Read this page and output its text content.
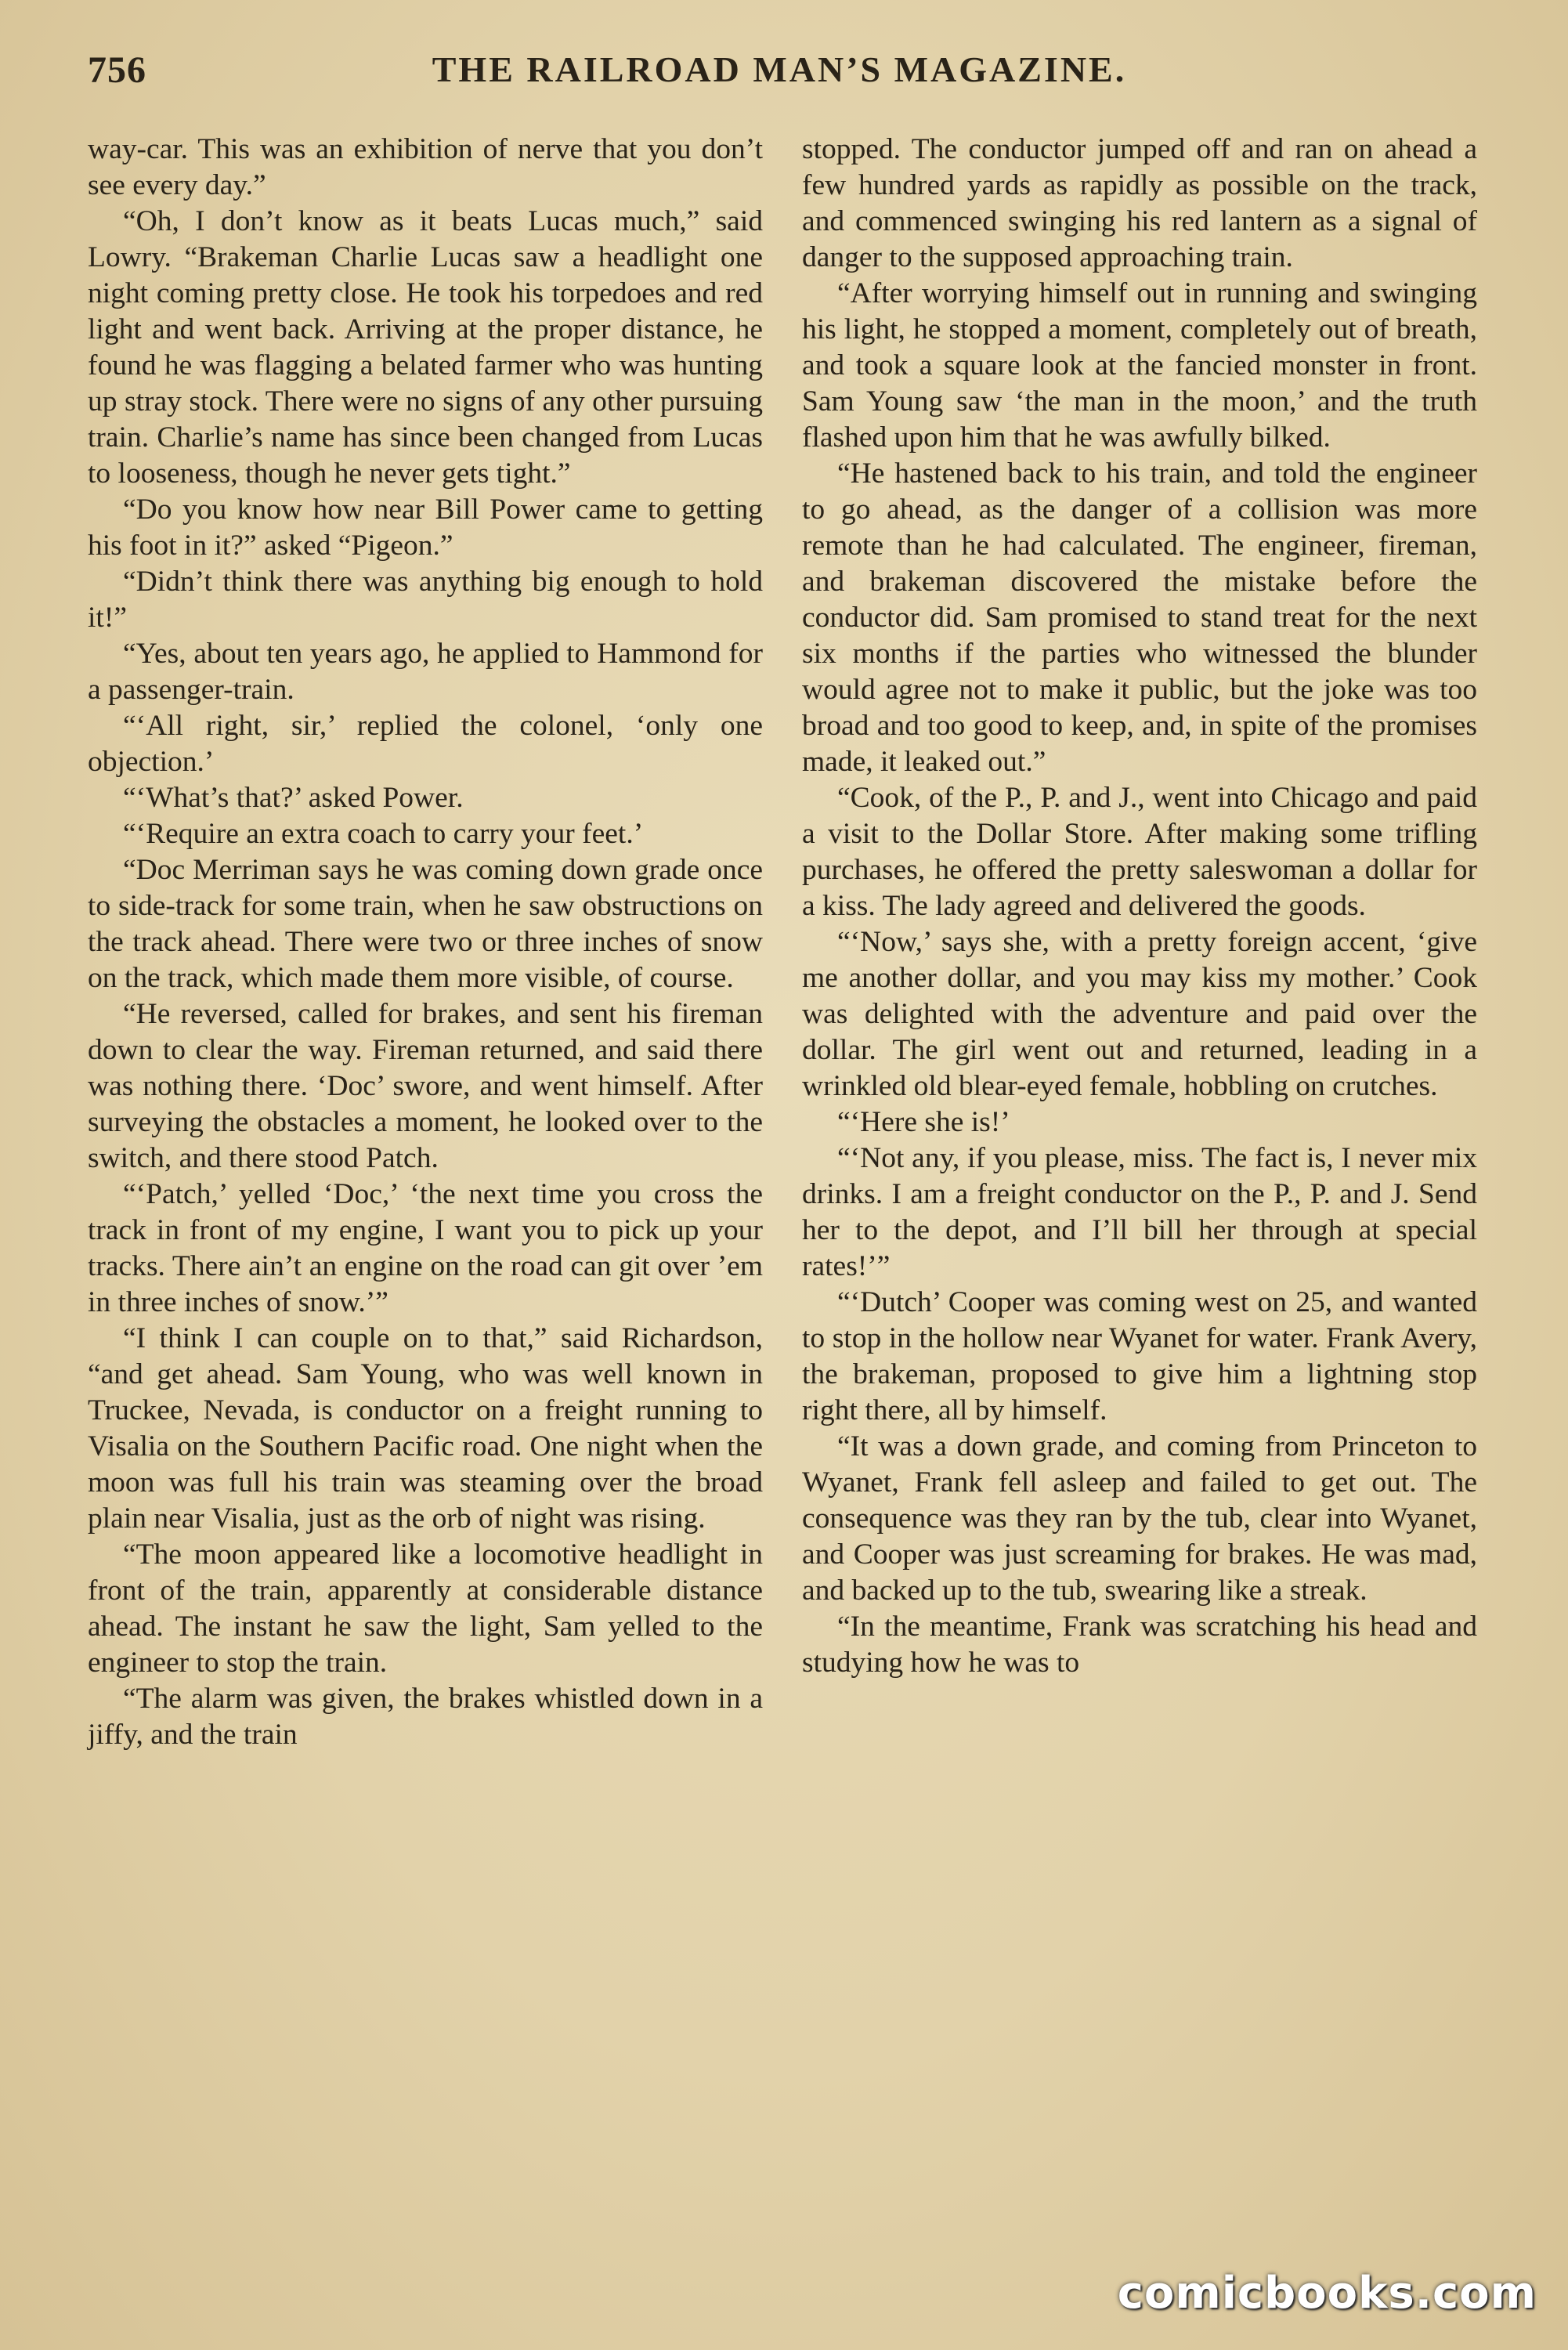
756	THE RAILROAD MAN’S MAGAZINE.

way-car. This was an exhibition of nerve that you don’t see every day.”

“Oh, I don’t know as it beats Lucas much,” said Lowry. “Brakeman Charlie Lucas saw a headlight one night coming pretty close. He took his torpedoes and red light and went back. Arriving at the proper distance, he found he was flagging a belated farmer who was hunting up stray stock. There were no signs of any other pursuing train. Charlie’s name has since been changed from Lucas to looseness, though he never gets tight.”

“Do you know how near Bill Power came to getting his foot in it?” asked “Pigeon.”

“Didn’t think there was anything big enough to hold it!”

“Yes, about ten years ago, he applied to Hammond for a passenger-train.

“‘All right, sir,’ replied the colonel, ‘only one objection.’

“‘What’s that?’ asked Power.

“‘Require an extra coach to carry your feet.’

“Doc Merriman says he was coming down grade once to side-track for some train, when he saw obstructions on the track ahead. There were two or three inches of snow on the track, which made them more visible, of course.

“He reversed, called for brakes, and sent his fireman down to clear the way. Fireman returned, and said there was nothing there. ‘Doc’ swore, and went himself. After surveying the obstacles a moment, he looked over to the switch, and there stood Patch.

“‘Patch,’ yelled ‘Doc,’ ‘the next time you cross the track in front of my engine, I want you to pick up your tracks. There ain’t an engine on the road can git over ’em in three inches of snow.’”

“I think I can couple on to that,” said Richardson, “and get ahead. Sam Young, who was well known in Truckee, Nevada, is conductor on a freight running to Visalia on the Southern Pacific road. One night when the moon was full his train was steaming over the broad plain near Visalia, just as the orb of night was rising.

“The moon appeared like a locomotive headlight in front of the train, apparently at considerable distance ahead. The instant he saw the light, Sam yelled to the engineer to stop the train.

“The alarm was given, the brakes whistled down in a jiffy, and the train

stopped. The conductor jumped off and ran on ahead a few hundred yards as rapidly as possible on the track, and commenced swinging his red lantern as a signal of danger to the supposed approaching train.

“After worrying himself out in running and swinging his light, he stopped a moment, completely out of breath, and took a square look at the fancied monster in front. Sam Young saw ‘the man in the moon,’ and the truth flashed upon him that he was awfully bilked.

“He hastened back to his train, and told the engineer to go ahead, as the danger of a collision was more remote than he had calculated. The engineer, fireman, and brakeman discovered the mistake before the conductor did. Sam promised to stand treat for the next six months if the parties who witnessed the blunder would agree not to make it public, but the joke was too broad and too good to keep, and, in spite of the promises made, it leaked out.”

“Cook, of the P., P. and J., went into Chicago and paid a visit to the Dollar Store. After making some trifling purchases, he offered the pretty saleswoman a dollar for a kiss. The lady agreed and delivered the goods.

“‘Now,’ says she, with a pretty foreign accent, ‘give me another dollar, and you may kiss my mother.’ Cook was delighted with the adventure and paid over the dollar. The girl went out and returned, leading in a wrinkled old blear-eyed female, hobbling on crutches.

“‘Here she is!’

“‘Not any, if you please, miss. The fact is, I never mix drinks. I am a freight conductor on the P., P. and J. Send her to the depot, and I’ll bill her through at special rates!’”

“‘Dutch’ Cooper was coming west on 25, and wanted to stop in the hollow near Wyanet for water. Frank Avery, the brakeman, proposed to give him a lightning stop right there, all by himself.

“It was a down grade, and coming from Princeton to Wyanet, Frank fell asleep and failed to get out. The consequence was they ran by the tub, clear into Wyanet, and Cooper was just screaming for brakes. He was mad, and backed up to the tub, swearing like a streak.

“In the meantime, Frank was scratching his head and studying how he was to

comicbooks.com
